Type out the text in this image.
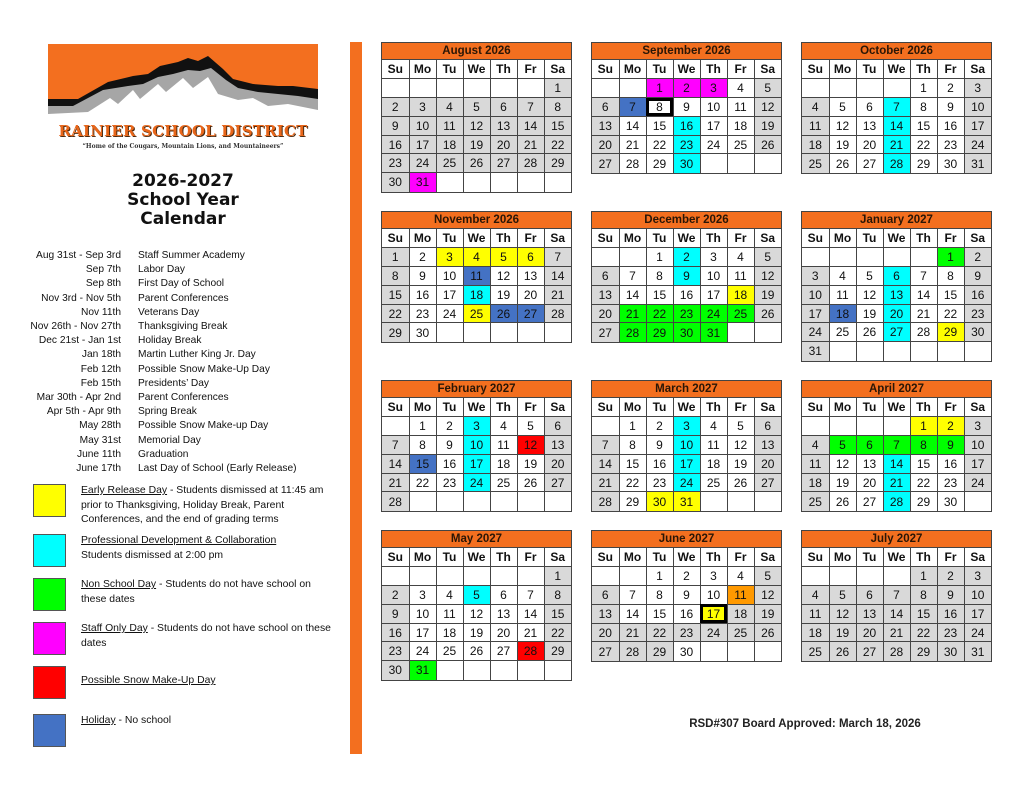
RAINIER SCHOOL DISTRICT
“Home of the Cougars, Mountain Lions, and Mountaineers”
2026-2027
School Year
Calendar
Aug 31st - Sep 3rd	Staff Summer Academy
Sep 7th	Labor Day
Sep 8th	First Day of School
Nov 3rd - Nov 5th	Parent Conferences
Nov 11th	Veterans Day
Nov 26th - Nov 27th	Thanksgiving Break
Dec 21st - Jan 1st	Holiday Break
Jan 18th	Martin Luther King Jr. Day
Feb 12th	Possible Snow Make-Up Day
Feb 15th	Presidents’ Day
Mar 30th - Apr 2nd	Parent Conferences
Apr 5th - Apr 9th	Spring Break
May 28th	Possible Snow Make-up Day
May 31st	Memorial Day
June 11th	Graduation
June 17th	Last Day of School (Early Release)
Early Release Day - Students dismissed at 11:45 am prior to Thanksgiving, Holiday Break, Parent Conferences, and the end of grading terms
Professional Development & Collaboration
Students dismissed at 2:00 pm
Non School Day - Students do not have school on these dates
Staff Only Day - Students do not have school on these dates
Possible Snow Make-Up Day
Holiday - No school
August 2026
Su	Mo	Tu	We	Th	Fr	Sa
						1
2	3	4	5	6	7	8
9	10	11	12	13	14	15
16	17	18	19	20	21	22
23	24	25	26	27	28	29
30	31					
September 2026
Su	Mo	Tu	We	Th	Fr	Sa
		1	2	3	4	5
6	7	8	9	10	11	12
13	14	15	16	17	18	19
20	21	22	23	24	25	26
27	28	29	30			
October 2026
Su	Mo	Tu	We	Th	Fr	Sa
				1	2	3
4	5	6	7	8	9	10
11	12	13	14	15	16	17
18	19	20	21	22	23	24
25	26	27	28	29	30	31
November 2026
Su	Mo	Tu	We	Th	Fr	Sa
1	2	3	4	5	6	7
8	9	10	11	12	13	14
15	16	17	18	19	20	21
22	23	24	25	26	27	28
29	30					
December 2026
Su	Mo	Tu	We	Th	Fr	Sa
		1	2	3	4	5
6	7	8	9	10	11	12
13	14	15	16	17	18	19
20	21	22	23	24	25	26
27	28	29	30	31		
January 2027
Su	Mo	Tu	We	Th	Fr	Sa
					1	2
3	4	5	6	7	8	9
10	11	12	13	14	15	16
17	18	19	20	21	22	23
24	25	26	27	28	29	30
31						
February 2027
Su	Mo	Tu	We	Th	Fr	Sa
	1	2	3	4	5	6
7	8	9	10	11	12	13
14	15	16	17	18	19	20
21	22	23	24	25	26	27
28						
March 2027
Su	Mo	Tu	We	Th	Fr	Sa
	1	2	3	4	5	6
7	8	9	10	11	12	13
14	15	16	17	18	19	20
21	22	23	24	25	26	27
28	29	30	31			
April 2027
Su	Mo	Tu	We	Th	Fr	Sa
				1	2	3
4	5	6	7	8	9	10
11	12	13	14	15	16	17
18	19	20	21	22	23	24
25	26	27	28	29	30	
May 2027
Su	Mo	Tu	We	Th	Fr	Sa
						1
2	3	4	5	6	7	8
9	10	11	12	13	14	15
16	17	18	19	20	21	22
23	24	25	26	27	28	29
30	31					
June 2027
Su	Mo	Tu	We	Th	Fr	Sa
		1	2	3	4	5
6	7	8	9	10	11	12
13	14	15	16	17	18	19
20	21	22	23	24	25	26
27	28	29	30			
July 2027
Su	Mo	Tu	We	Th	Fr	Sa
				1	2	3
4	5	6	7	8	9	10
11	12	13	14	15	16	17
18	19	20	21	22	23	24
25	26	27	28	29	30	31
RSD#307 Board Approved: March 18, 2026
